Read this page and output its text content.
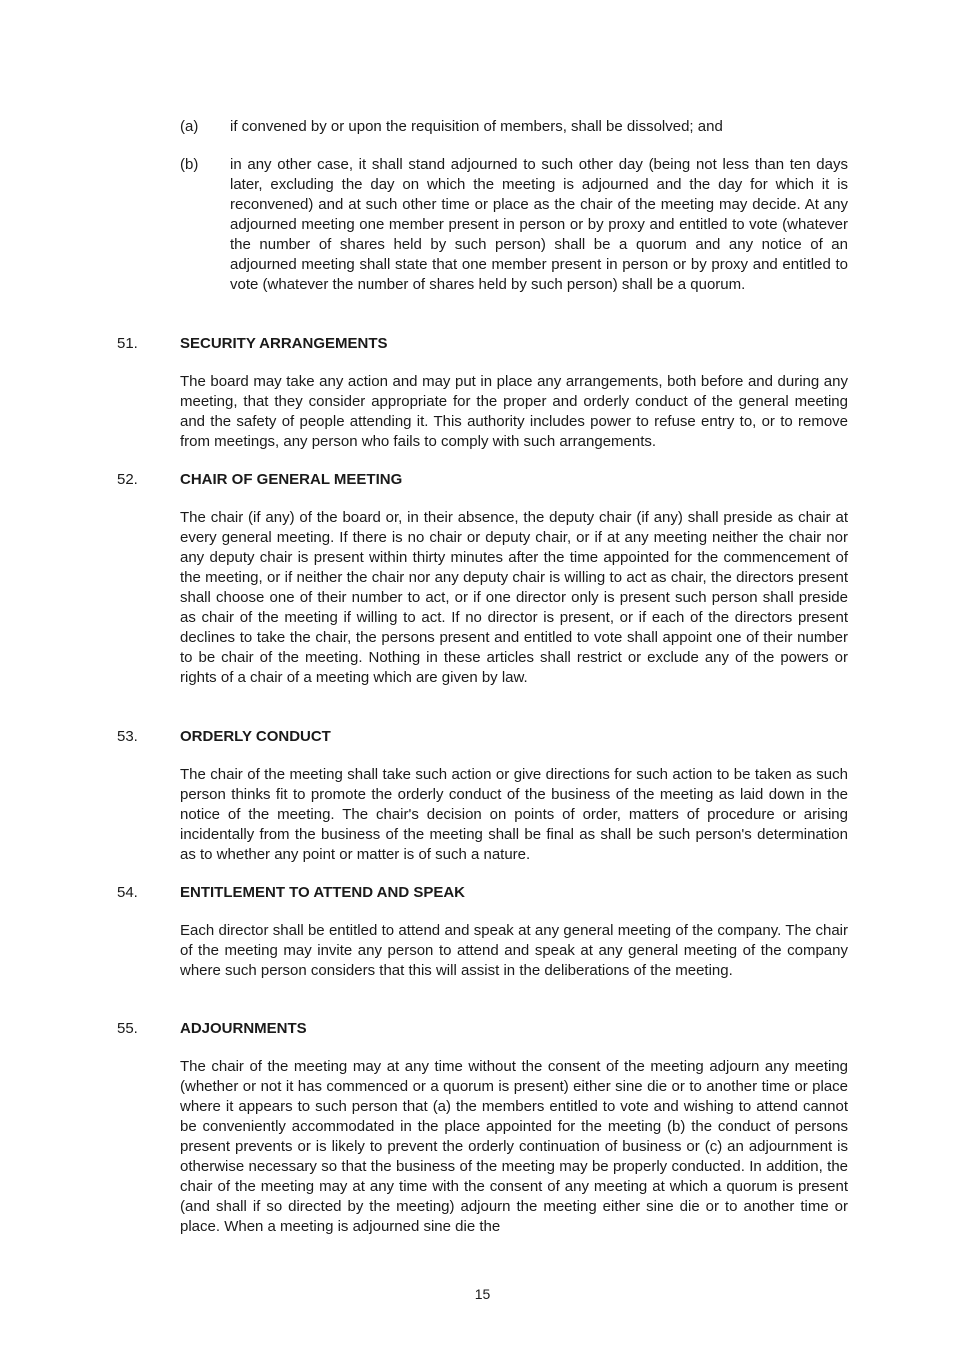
(a)	if convened by or upon the requisition of members, shall be dissolved; and
(b)	in any other case, it shall stand adjourned to such other day (being not less than ten days later, excluding the day on which the meeting is adjourned and the day for which it is reconvened) and at such other time or place as the chair of the meeting may decide. At any adjourned meeting one member present in person or by proxy and entitled to vote (whatever the number of shares held by such person) shall be a quorum and any notice of an adjourned meeting shall state that one member present in person or by proxy and entitled to vote (whatever the number of shares held by such person) shall be a quorum.
51.	SECURITY ARRANGEMENTS
The board may take any action and may put in place any arrangements, both before and during any meeting, that they consider appropriate for the proper and orderly conduct of the general meeting and the safety of people attending it. This authority includes power to refuse entry to, or to remove from meetings, any person who fails to comply with such arrangements.
52.	CHAIR OF GENERAL MEETING
The chair (if any) of the board or, in their absence, the deputy chair (if any) shall preside as chair at every general meeting. If there is no chair or deputy chair, or if at any meeting neither the chair nor any deputy chair is present within thirty minutes after the time appointed for the commencement of the meeting, or if neither the chair nor any deputy chair is willing to act as chair, the directors present shall choose one of their number to act, or if one director only is present such person shall preside as chair of the meeting if willing to act. If no director is present, or if each of the directors present declines to take the chair, the persons present and entitled to vote shall appoint one of their number to be chair of the meeting. Nothing in these articles shall restrict or exclude any of the powers or rights of a chair of a meeting which are given by law.
53.	ORDERLY CONDUCT
The chair of the meeting shall take such action or give directions for such action to be taken as such person thinks fit to promote the orderly conduct of the business of the meeting as laid down in the notice of the meeting. The chair's decision on points of order, matters of procedure or arising incidentally from the business of the meeting shall be final as shall be such person's determination as to whether any point or matter is of such a nature.
54.	ENTITLEMENT TO ATTEND AND SPEAK
Each director shall be entitled to attend and speak at any general meeting of the company. The chair of the meeting may invite any person to attend and speak at any general meeting of the company where such person considers that this will assist in the deliberations of the meeting.
55.	ADJOURNMENTS
The chair of the meeting may at any time without the consent of the meeting adjourn any meeting (whether or not it has commenced or a quorum is present) either sine die or to another time or place where it appears to such person that (a) the members entitled to vote and wishing to attend cannot be conveniently accommodated in the place appointed for the meeting (b) the conduct of persons present prevents or is likely to prevent the orderly continuation of business or (c) an adjournment is otherwise necessary so that the business of the meeting may be properly conducted. In addition, the chair of the meeting may at any time with the consent of any meeting at which a quorum is present (and shall if so directed by the meeting) adjourn the meeting either sine die or to another time or place. When a meeting is adjourned sine die the
15
